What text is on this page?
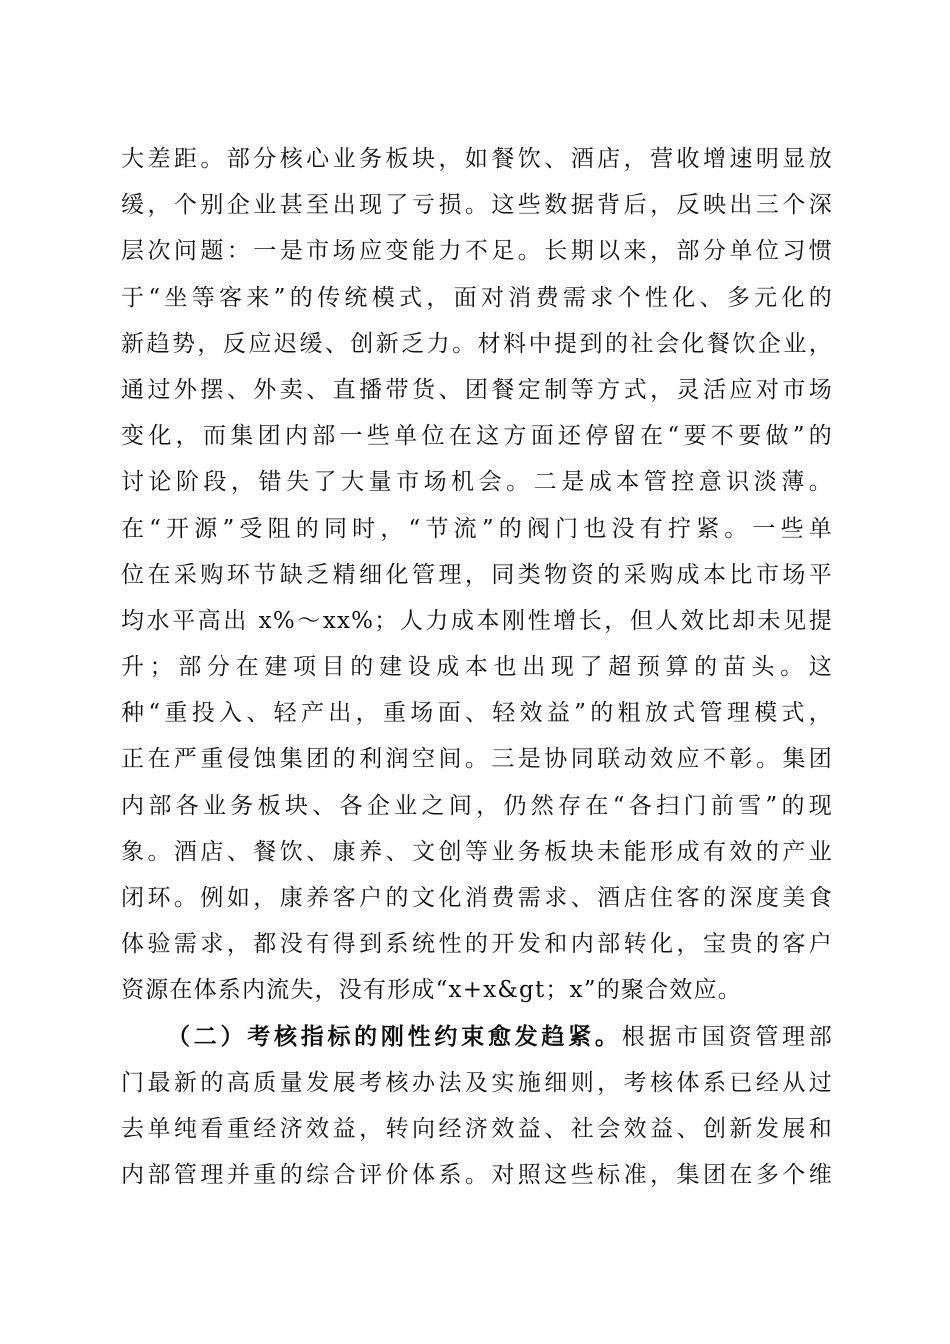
大差距。部分核心业务板块，如餐饮、酒店，营收增速明显放
缓，个别企业甚至出现了亏损。这些数据背后，反映出三个深
层次问题：一是市场应变能力不足。长期以来，部分单位习惯
于“坐等客来”的传统模式，面对消费需求个性化、多元化的
新趋势，反应迟缓、创新乏力。材料中提到的社会化餐饮企业，
通过外摆、外卖、直播带货、团餐定制等方式，灵活应对市场
变化，而集团内部一些单位在这方面还停留在“要不要做”的
讨论阶段，错失了大量市场机会。二是成本管控意识淡薄。
在“开源”受阻的同时，“节流”的阀门也没有拧紧。一些单
位在采购环节缺乏精细化管理，同类物资的采购成本比市场平
均水平高出 x%～xx%；人力成本刚性增长，但人效比却未见提
升；部分在建项目的建设成本也出现了超预算的苗头。这
种“重投入、轻产出，重场面、轻效益”的粗放式管理模式，
正在严重侵蚀集团的利润空间。三是协同联动效应不彰。集团
内部各业务板块、各企业之间，仍然存在“各扫门前雪”的现
象。酒店、餐饮、康养、文创等业务板块未能形成有效的产业
闭环。例如，康养客户的文化消费需求、酒店住客的深度美食
体验需求，都没有得到系统性的开发和内部转化，宝贵的客户
资源在体系内流失，没有形成“x+x&gt；x”的聚合效应。
（二）考核指标的刚性约束愈发趋紧。根据市国资管理部
门最新的高质量发展考核办法及实施细则，考核体系已经从过
去单纯看重经济效益，转向经济效益、社会效益、创新发展和
内部管理并重的综合评价体系。对照这些标准，集团在多个维
